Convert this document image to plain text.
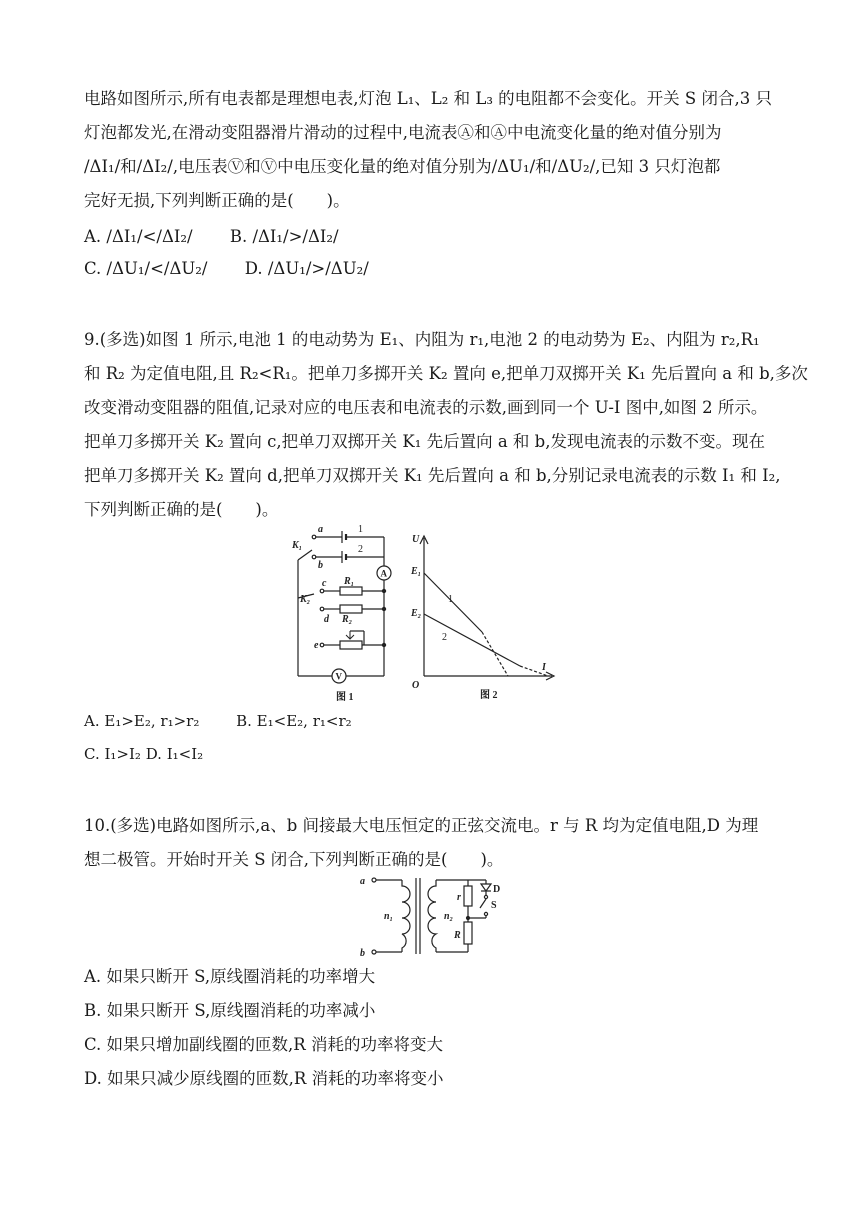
电路如图所示,所有电表都是理想电表,灯泡 L₁、L₂ 和 L₃ 的电阻都不会变化。开关 S 闭合,3 只
灯泡都发光,在滑动变阻器滑片滑动的过程中,电流表Ⓐ和Ⓐ中电流变化量的绝对值分别为
/ΔI₁/和/ΔI₂/,电压表Ⓥ和Ⓥ中电压变化量的绝对值分别为/ΔU₁/和/ΔU₂/,已知 3 只灯泡都
完好无损,下列判断正确的是(　　)。
A. /ΔI₁/</ΔI₂/ B. /ΔI₁/>/ΔI₂/
C. /ΔU₁/</ΔU₂/ D. /ΔU₁/>/ΔU₂/
9.(多选)如图 1 所示,电池 1 的电动势为 E₁、内阻为 r₁,电池 2 的电动势为 E₂、内阻为 r₂,R₁
和 R₂ 为定值电阻,且 R₂<R₁。把单刀多掷开关 K₂ 置向 e,把单刀双掷开关 K₁ 先后置向 a 和 b,多次
改变滑动变阻器的阻值,记录对应的电压表和电流表的示数,画到同一个 U-I 图中,如图 2 所示。
把单刀多掷开关 K₂ 置向 c,把单刀双掷开关 K₁ 先后置向 a 和 b,发现电流表的示数不变。现在
把单刀多掷开关 K₂ 置向 d,把单刀双掷开关 K₁ 先后置向 a 和 b,分别记录电流表的示数 I₁ 和 I₂,
下列判断正确的是(　　)。
a
b
c
d
e
K₁
K₂
R₂
R₁
1
2
A
V
图 1
U
I
O
E₁
E₂
1
2
图 2
A. E₁>E₂, r₁>r₂ B. E₁<E₂, r₁<r₂
C. I₁>I₂ D. I₁<I₂
10.(多选)电路如图所示,a、b 间接最大电压恒定的正弦交流电。r 与 R 均为定值电阻,D 为理
想二极管。开始时开关 S 闭合,下列判断正确的是(　　)。
a
b
n₁	n₂
r
R
D
S
A. 如果只断开 S,原线圈消耗的功率增大
B. 如果只断开 S,原线圈消耗的功率减小
C. 如果只增加副线圈的匝数,R 消耗的功率将变大
D. 如果只减少原线圈的匝数,R 消耗的功率将变小
